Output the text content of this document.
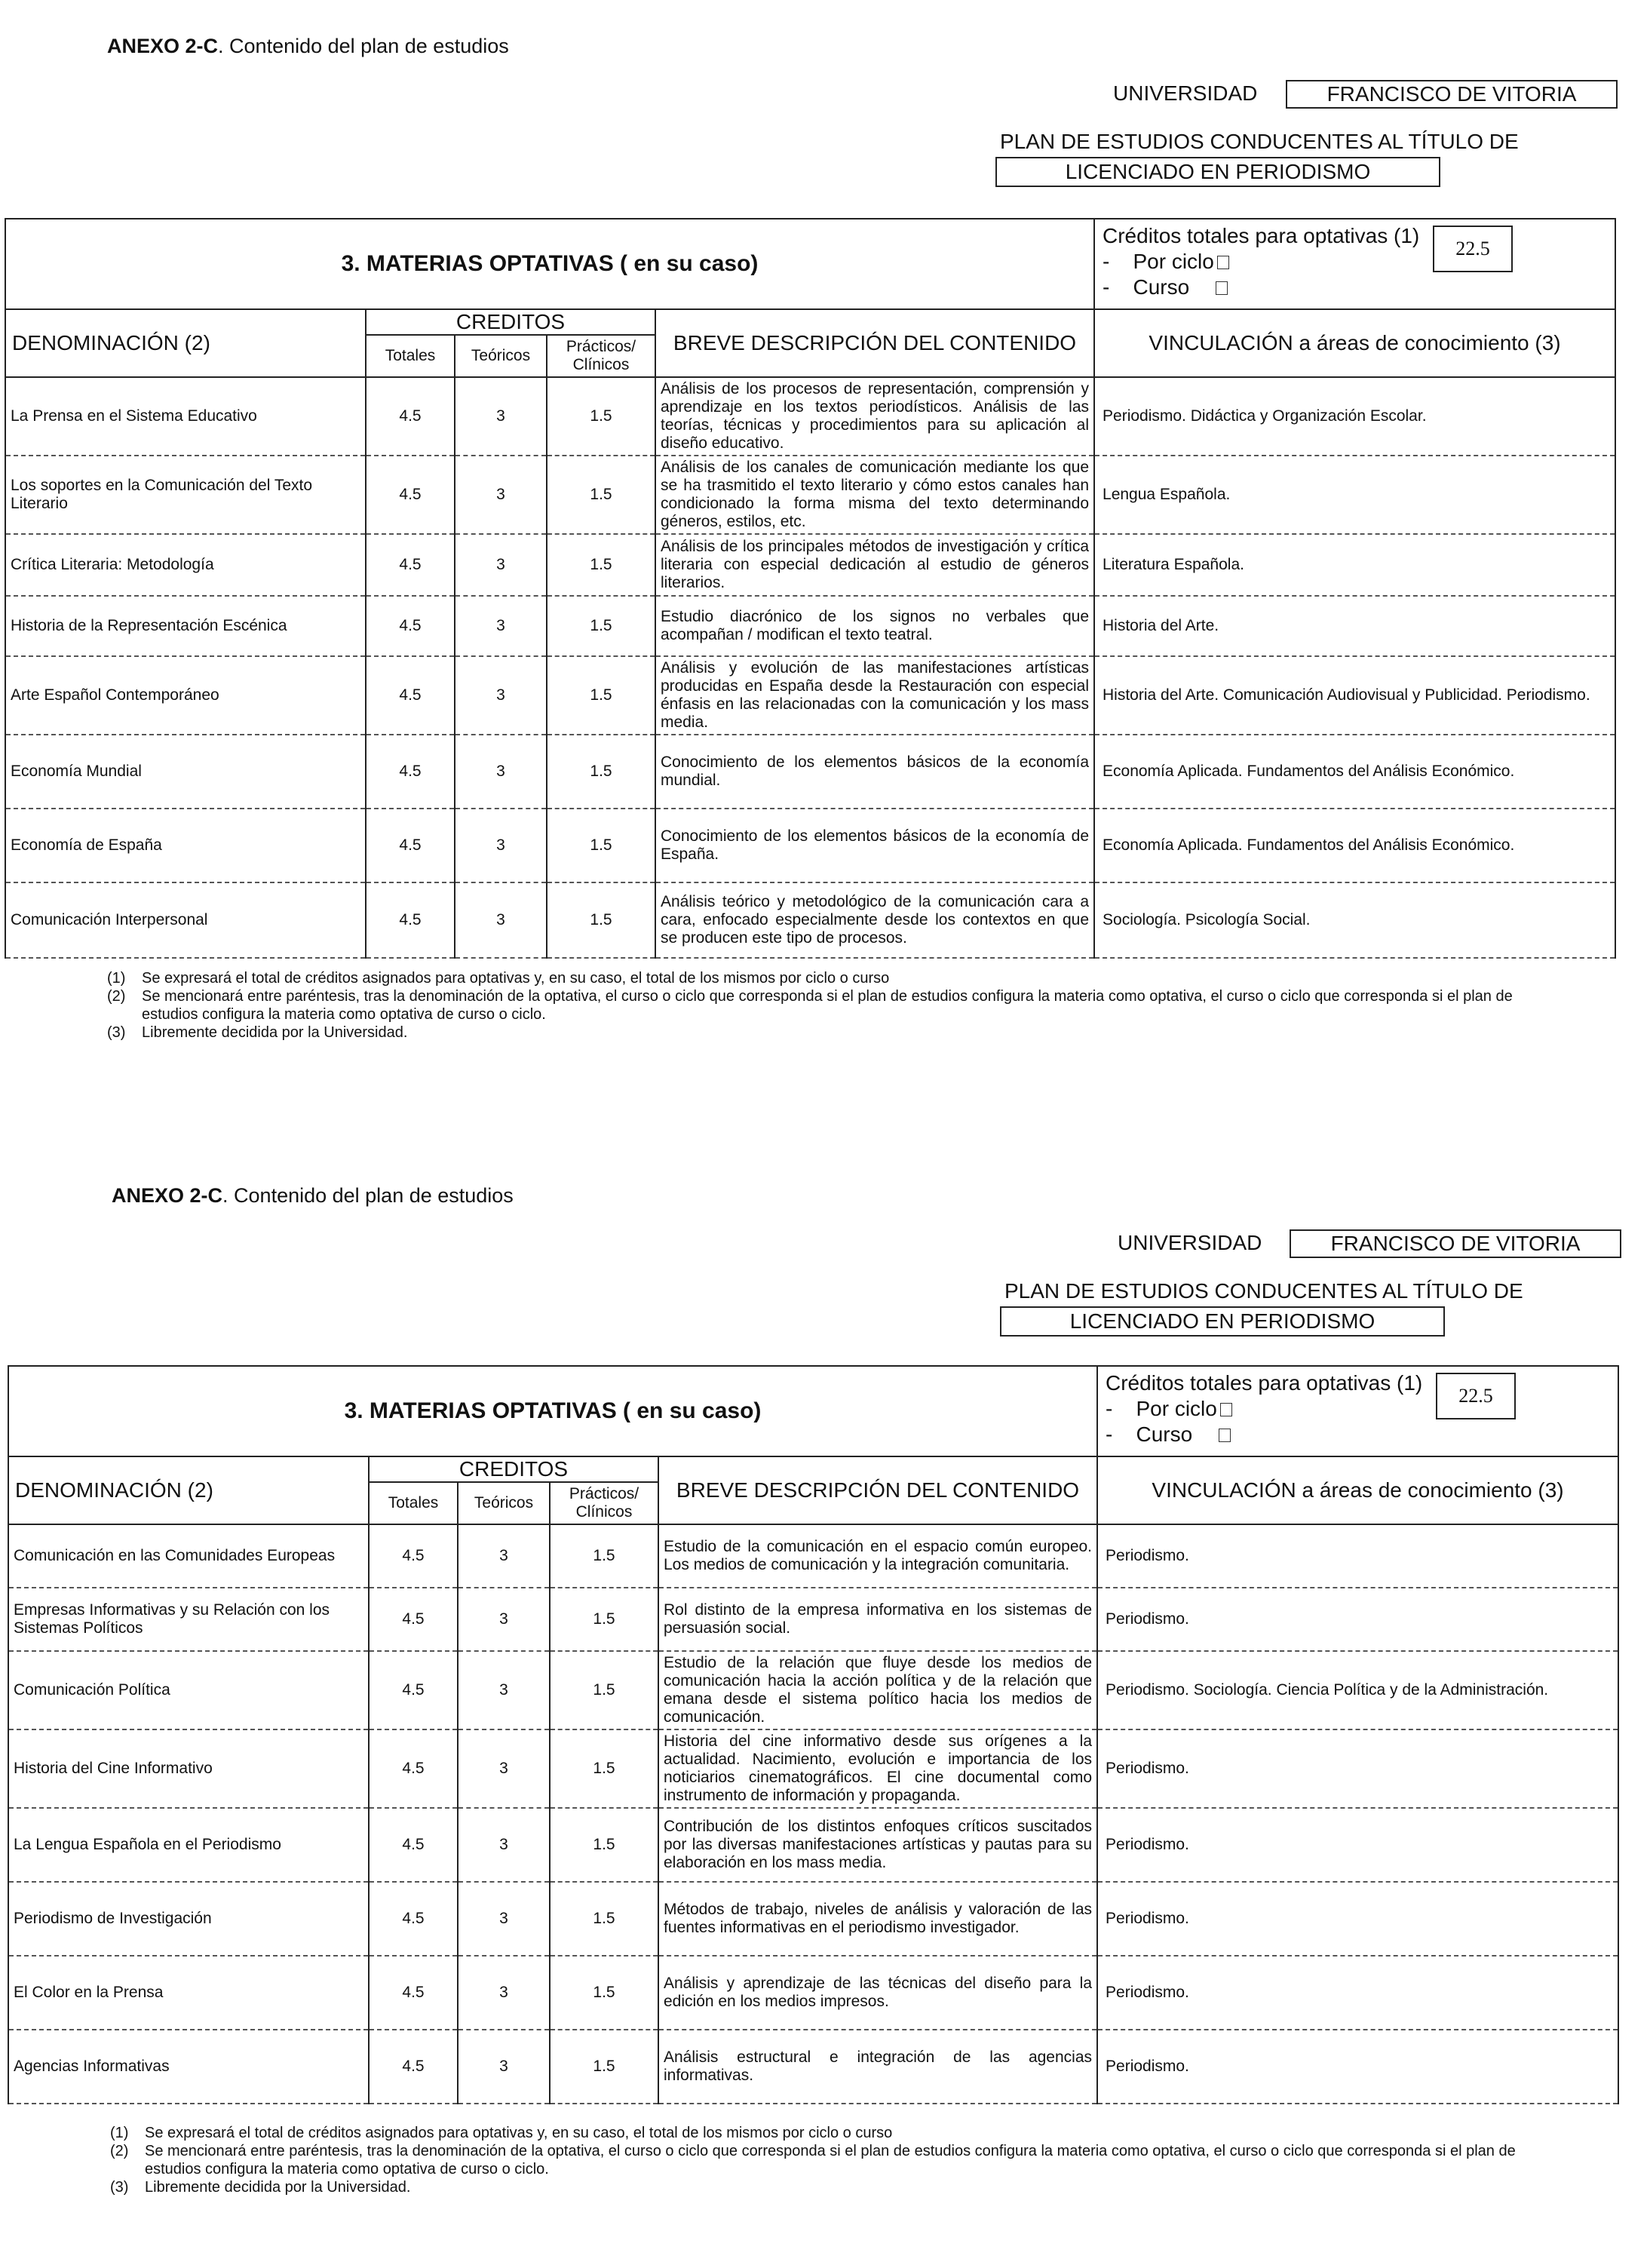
ANEXO 2-C. Contenido del plan de estudios
UNIVERSIDAD	FRANCISCO DE VITORIA
PLAN DE ESTUDIOS CONDUCENTES AL TÍTULO DE
LICENCIADO EN PERIODISMO
3. MATERIAS OPTATIVAS ( en su caso)					Créditos totales para optativas (1)
-    Por ciclo
-    Curso
22.5

DENOMINACIÓN (2)	CREDITOS			BREVE DESCRIPCIÓN DEL CONTENIDO	VINCULACIÓN a áreas de conocimiento (3)
	Totales	Teóricos	Prácticos/ Clínicos		
La Prensa en el Sistema Educativo	4.5	3	1.5	Análisis de los procesos de representación, comprensión y aprendizaje en los textos periodísticos. Análisis de las teorías, técnicas y procedimientos para su aplicación al diseño educativo.	Periodismo. Didáctica y Organización Escolar.
Los soportes en la Comunicación del Texto Literario	4.5	3	1.5	Análisis de los canales de comunicación mediante los que se ha trasmitido el texto literario y cómo estos canales han condicionado la forma misma del texto determinando géneros, estilos, etc.	Lengua Española.
Crítica Literaria: Metodología	4.5	3	1.5	Análisis de los principales métodos de investigación y crítica literaria con especial dedicación al estudio de géneros literarios.	Literatura Española.
Historia de la Representación Escénica	4.5	3	1.5	Estudio diacrónico de los signos no verbales que acompañan / modifican el texto teatral.	Historia del Arte.
Arte Español Contemporáneo	4.5	3	1.5	Análisis y evolución de las manifestaciones artísticas producidas en España desde la Restauración con especial énfasis en las relacionadas con la comunicación y los mass media.	Historia del Arte. Comunicación Audiovisual y Publicidad. Periodismo.
Economía Mundial	4.5	3	1.5	Conocimiento de los elementos básicos de la economía mundial.	Economía Aplicada. Fundamentos del Análisis Económico.
Economía de España	4.5	3	1.5	Conocimiento de los elementos básicos de la economía de España.	Economía Aplicada. Fundamentos del Análisis Económico.
Comunicación Interpersonal	4.5	3	1.5	Análisis teórico y metodológico de la comunicación cara a cara, enfocado especialmente desde los contextos en que se producen este tipo de procesos.	Sociología. Psicología Social.
(1)	Se expresará el total de créditos asignados para optativas y, en su caso, el total de los mismos por ciclo o curso
(2)	Se mencionará entre paréntesis, tras la denominación de la optativa, el curso o ciclo que corresponda si el plan de estudios configura la materia como optativa, el curso o ciclo que corresponda si el plan de estudios configura la materia como optativa de curso o ciclo.
(3)	Libremente decidida por la Universidad.
ANEXO 2-C. Contenido del plan de estudios
UNIVERSIDAD	FRANCISCO DE VITORIA
PLAN DE ESTUDIOS CONDUCENTES AL TÍTULO DE
LICENCIADO EN PERIODISMO
3. MATERIAS OPTATIVAS ( en su caso)					Créditos totales para optativas (1)
-    Por ciclo
-    Curso
22.5

DENOMINACIÓN (2)	CREDITOS			BREVE DESCRIPCIÓN DEL CONTENIDO	VINCULACIÓN a áreas de conocimiento (3)
	Totales	Teóricos	Prácticos/ Clínicos		
Comunicación en las Comunidades Europeas	4.5	3	1.5	Estudio de la comunicación en el espacio común europeo. Los medios de comunicación y la integración comunitaria.	Periodismo.
Empresas Informativas y su Relación con los Sistemas Políticos	4.5	3	1.5	Rol distinto de la empresa informativa en los sistemas de persuasión social.	Periodismo.
Comunicación Política	4.5	3	1.5	Estudio de la relación que fluye desde los medios de comunicación hacia la acción política y de la relación que emana desde el sistema político hacia los medios de comunicación.	Periodismo. Sociología. Ciencia Política y de la Administración.
Historia del Cine Informativo	4.5	3	1.5	Historia del cine informativo desde sus orígenes a la actualidad. Nacimiento, evolución e importancia de los noticiarios cinematográficos. El cine documental como instrumento de información y propaganda.	Periodismo.
La Lengua Española en el Periodismo	4.5	3	1.5	Contribución de los distintos enfoques críticos suscitados por las diversas manifestaciones artísticas y pautas para su elaboración en los mass media.	Periodismo.
Periodismo de Investigación	4.5	3	1.5	Métodos de trabajo, niveles de análisis y valoración de las fuentes informativas en el periodismo investigador.	Periodismo.
El Color en la Prensa	4.5	3	1.5	Análisis y aprendizaje de las técnicas del diseño para la edición en los medios impresos.	Periodismo.
Agencias Informativas	4.5	3	1.5	Análisis estructural e integración de las agencias informativas.	Periodismo.
(1)	Se expresará el total de créditos asignados para optativas y, en su caso, el total de los mismos por ciclo o curso
(2)	Se mencionará entre paréntesis, tras la denominación de la optativa, el curso o ciclo que corresponda si el plan de estudios configura la materia como optativa, el curso o ciclo que corresponda si el plan de estudios configura la materia como optativa de curso o ciclo.
(3)	Libremente decidida por la Universidad.
